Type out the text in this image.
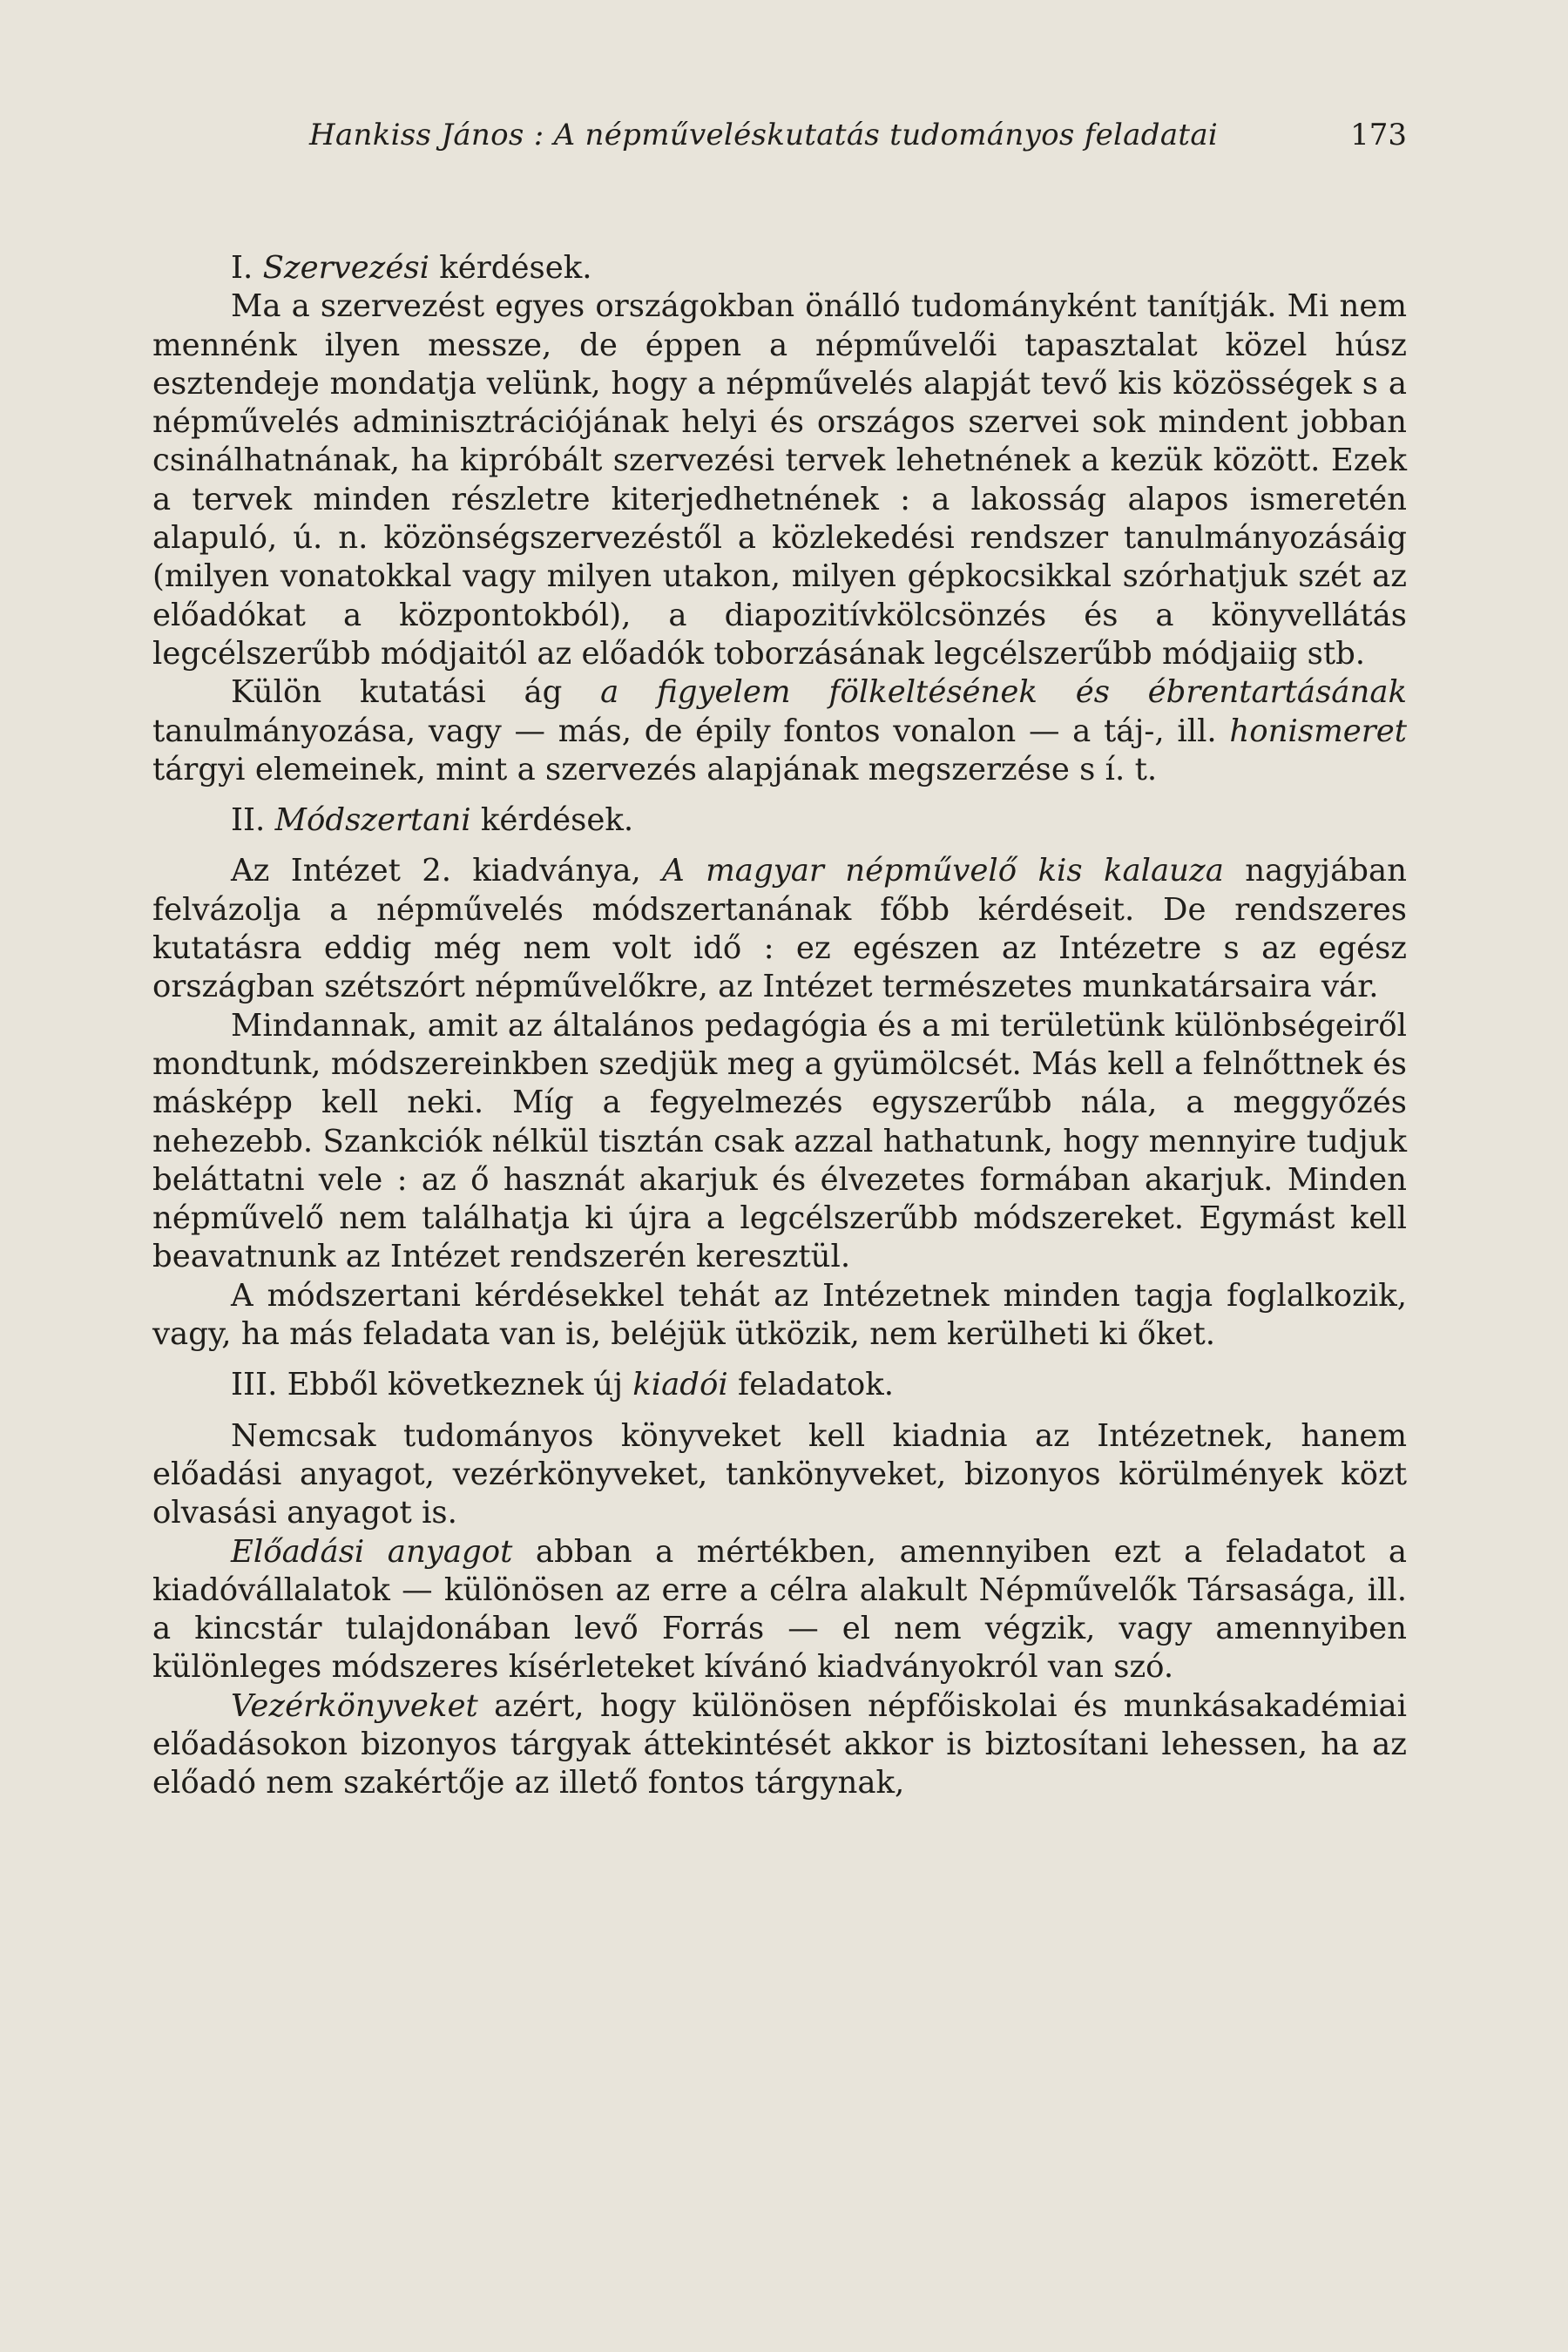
Hankiss János : A népműveléskutatás tudományos feladatai	173
I. Szervezési kérdések.

Ma a szervezést egyes országokban önálló tudományként tanítják. Mi nem mennénk ilyen messze, de éppen a népművelői tapasztalat közel húsz esztendeje mondatja velünk, hogy a népművelés alapját tevő kis közösségek s a népművelés adminisztrációjának helyi és országos szervei sok mindent jobban csinálhatnának, ha kipróbált szervezési tervek lehetnének a kezük között. Ezek a tervek minden részletre kiterjedhetnének : a lakosság alapos ismeretén alapuló, ú. n. közönségszervezéstől a közlekedési rendszer tanulmányozásáig (milyen vonatokkal vagy milyen utakon, milyen gépkocsikkal szórhatjuk szét az előadókat a központokból), a diapozitívkölcsönzés és a könyvellátás legcélszerűbb módjaitól az előadók toborzásának legcélszerűbb módjaiig stb.

Külön kutatási ág a figyelem fölkeltésének és ébrentartásának tanulmányozása, vagy — más, de épily fontos vonalon — a táj-, ill. honismeret tárgyi elemeinek, mint a szervezés alapjának megszerzése s í. t.

II. Módszertani kérdések.

Az Intézet 2. kiadványa, A magyar népművelő kis kalauza nagyjában felvázolja a népművelés módszertanának főbb kérdéseit. De rendszeres kutatásra eddig még nem volt idő : ez egészen az Intézetre s az egész országban szétszórt népművelőkre, az Intézet természetes munkatársaira vár.

Mindannak, amit az általános pedagógia és a mi területünk különbségeiről mondtunk, módszereinkben szedjük meg a gyümölcsét. Más kell a felnőttnek és másképp kell neki. Míg a fegyelmezés egyszerűbb nála, a meggyőzés nehezebb. Szankciók nélkül tisztán csak azzal hathatunk, hogy mennyire tudjuk beláttatni vele : az ő hasznát akarjuk és élvezetes formában akarjuk. Minden népművelő nem találhatja ki újra a legcélszerűbb módszereket. Egymást kell beavatnunk az Intézet rendszerén keresztül.

A módszertani kérdésekkel tehát az Intézetnek minden tagja foglalkozik, vagy, ha más feladata van is, beléjük ütközik, nem kerülheti ki őket.

III. Ebből következnek új kiadói feladatok.

Nemcsak tudományos könyveket kell kiadnia az Intézetnek, hanem előadási anyagot, vezérkönyveket, tankönyveket, bizonyos körülmények közt olvasási anyagot is.

Előadási anyagot abban a mértékben, amennyiben ezt a feladatot a kiadóvállalatok — különösen az erre a célra alakult Népművelők Társasága, ill. a kincstár tulajdonában levő Forrás — el nem végzik, vagy amennyiben különleges módszeres kísérleteket kívánó kiadványokról van szó.

Vezérkönyveket azért, hogy különösen népfőiskolai és munkásakadémiai előadásokon bizonyos tárgyak áttekintését akkor is biztosítani lehessen, ha az előadó nem szakértője az illető fontos tárgynak,
